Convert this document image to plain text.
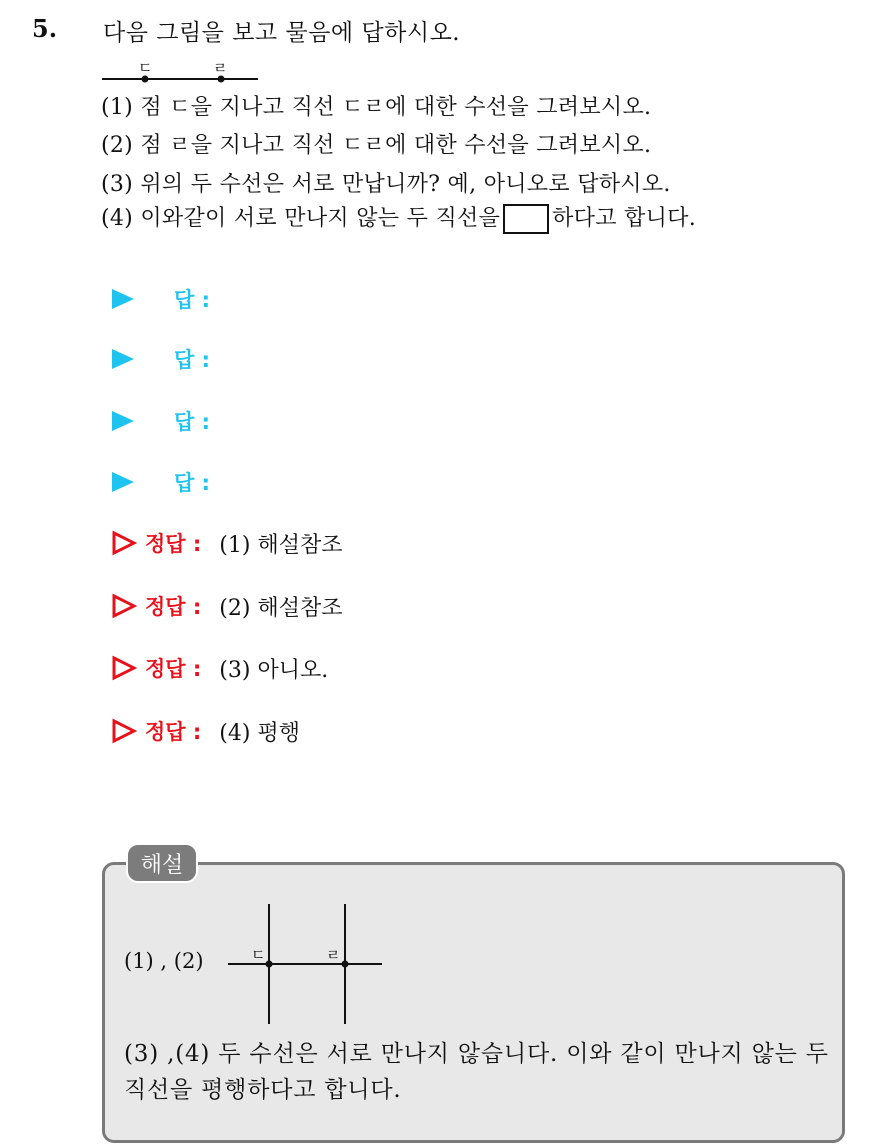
5. 다음 그림을 보고 물음에 답하시오.
ㄷ	ㄹ
(1) 점 ㄷ을 지나고 직선 ㄷㄹ에 대한 수선을 그려보시오.
(2) 점 ㄹ을 지나고 직선 ㄷㄹ에 대한 수선을 그려보시오.
(3) 위의 두 수선은 서로 만납니까? 예, 아니오로 답하시오.
(4) 이와같이 서로 만나지 않는 두 직선을 하다고 합니다.
답 :
답 :
답 :
답 :
정답 : (1) 해설참조
정답 : (2) 해설참조
정답 : (3) 아니오.
정답 : (4) 평행
해설
(1) , (2)	ㄷ	ㄹ
(3) ,(4) 두 수선은 서로 만나지 않습니다. 이와 같이 만나지 않는 두 직선을 평행하다고 합니다.
